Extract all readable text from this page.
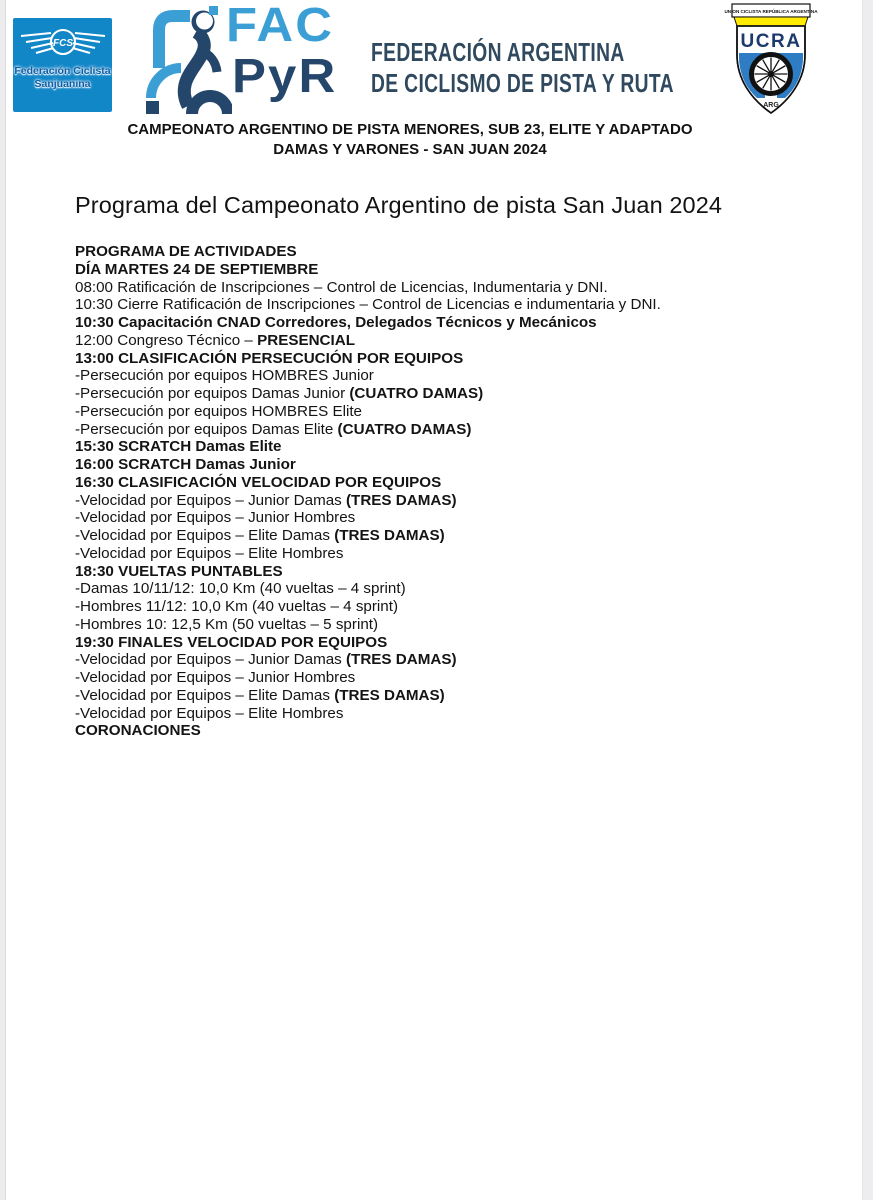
FCS
Federación Ciclista
Sanjuanina
FAC
PyR FEDERACIÓN ARGENTINA
DE CICLISMO DE PISTA Y RUTA
UNION CICLISTA REPÚBLICA ARGENTINA
UCRA
ARG
CAMPEONATO ARGENTINO DE PISTA MENORES, SUB 23, ELITE Y ADAPTADO
DAMAS Y VARONES - SAN JUAN 2024
Programa del Campeonato Argentino de pista San Juan 2024
PROGRAMA DE ACTIVIDADES
DÍA MARTES 24 DE SEPTIEMBRE
08:00 Ratificación de Inscripciones – Control de Licencias, Indumentaria y DNI.
10:30 Cierre Ratificación de Inscripciones – Control de Licencias e indumentaria y DNI.
10:30 Capacitación CNAD Corredores, Delegados Técnicos y Mecánicos
12:00 Congreso Técnico – PRESENCIAL
13:00 CLASIFICACIÓN PERSECUCIÓN POR EQUIPOS
-Persecución por equipos HOMBRES Junior
-Persecución por equipos Damas Junior (CUATRO DAMAS)
-Persecución por equipos HOMBRES Elite
-Persecución por equipos Damas Elite (CUATRO DAMAS)
15:30 SCRATCH Damas Elite
16:00 SCRATCH Damas Junior
16:30 CLASIFICACIÓN VELOCIDAD POR EQUIPOS
-Velocidad por Equipos – Junior Damas (TRES DAMAS)
-Velocidad por Equipos – Junior Hombres
-Velocidad por Equipos – Elite Damas (TRES DAMAS)
-Velocidad por Equipos – Elite Hombres
18:30 VUELTAS PUNTABLES
-Damas 10/11/12: 10,0 Km (40 vueltas – 4 sprint)
-Hombres 11/12: 10,0 Km (40 vueltas – 4 sprint)
-Hombres 10: 12,5 Km (50 vueltas – 5 sprint)
19:30 FINALES VELOCIDAD POR EQUIPOS
-Velocidad por Equipos – Junior Damas (TRES DAMAS)
-Velocidad por Equipos – Junior Hombres
-Velocidad por Equipos – Elite Damas (TRES DAMAS)
-Velocidad por Equipos – Elite Hombres
CORONACIONES
